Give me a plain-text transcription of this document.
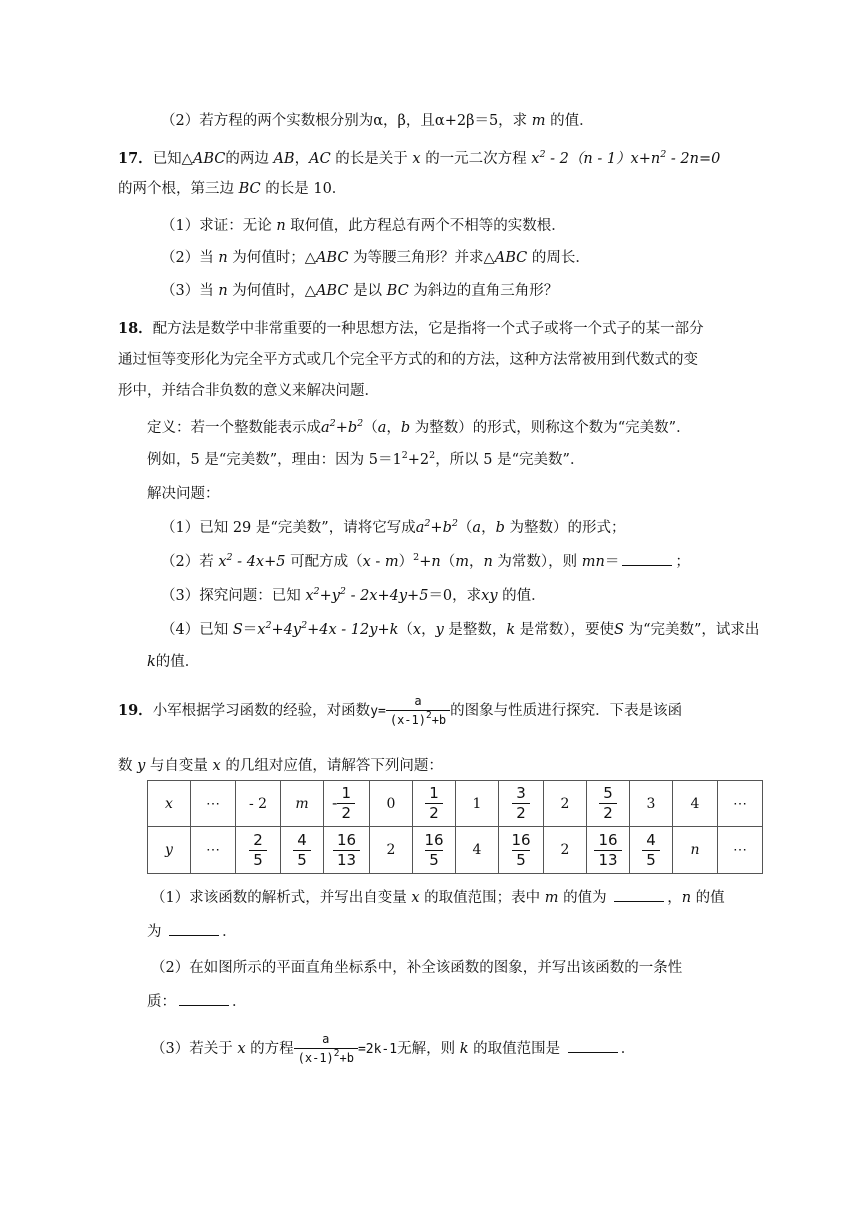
（2）若方程的两个实数根分别为α，β，且α+2β＝5，求 m 的值．
17．已知△ABC的两边 AB，AC 的长是关于 x 的一元二次方程 $x^2 - 2(n - 1)x+n^2 - 2n=0$
的两个根，第三边 BC 的长是 10．
（1）求证：无论 n 取何值，此方程总有两个不相等的实数根．
（2）当 n 为何值时；△ABC 为等腰三角形？并求△ABC 的周长．
（3）当 n 为何值时，△ABC 是以 BC 为斜边的直角三角形？
18．配方法是数学中非常重要的一种思想方法，它是指将一个式子或将一个式子的某一部分
通过恒等变形化为完全平方式或几个完全平方式的和的方法，这种方法常被用到代数式的变
形中，并结合非负数的意义来解决问题．
定义：若一个整数能表示成$a^2+b^2(a$，b 为整数）的形式，则称这个数为“完美数”．
例如，5 是“完美数”，理由：因为 $5=1^2+2^2$，所以 5 是“完美数”．
解决问题：
（1）已知 29 是“完美数”，请将它写成$a^2+b^2(a$，b 为整数）的形式；
（2）若 $x^2 - 4x+5$ 可配方成（x - m）$^2$+n（m，n 为常数），则 mn＝	；
（3）探究问题：已知 $x^2+y^2 - 2x+4y+5=0$，求xy 的值．
（4）已知 $S=x^2+4y^2+4x - 12y+k(x$，y 是整数，k 是常数），要使S 为“完美数”，试求出
k的值．
19．小军根据学习函数的经验，对函数$y= \frac{a}{(x-1)^2+b}$ 的图象与性质进行探究．下表是该函
数 y 与自变量 x 的几组对应值，请解答下列问题：
x	⋯	- 2	m	- $\frac{1}{2}$	0	$\frac{1}{2}$	1	$\frac{3}{2}$	2	$\frac{5}{2}$	3	4	⋯
y	⋯	$\frac{2}{5}$	$\frac{4}{5}$	$\frac{16}{13}$	2	$\frac{16}{5}$	4	$\frac{16}{5}$	2	$\frac{16}{13}$	$\frac{4}{5}$	n	⋯
（1）求该函数的解析式，并写出自变量 x 的取值范围；表中 m 的值为	，n 的值
为	．
（2）在如图所示的平面直角坐标系中，补全该函数的图象，并写出该函数的一条性
质：	．
（3）若关于 x 的方程 $\frac{a}{(x-1)^2+b} =2k-1$无解，则 k 的取值范围是	．
